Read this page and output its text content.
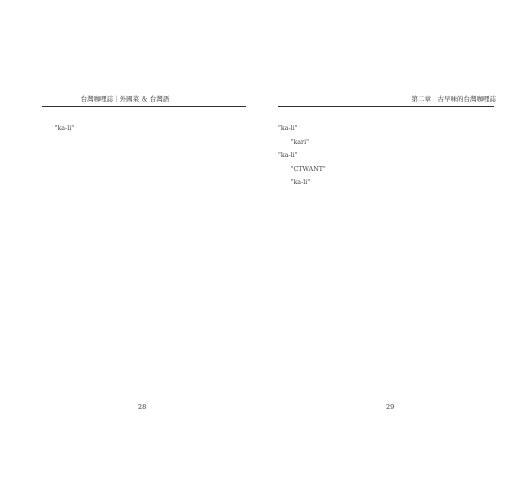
台灣咖哩誌｜外國菜 ＆ 台灣語

"ka-li"

28
第二章　古早味的台灣咖哩誌

"ka-li"

"kari"

"ka-li"

"CTWANT"

"ka-li"

29
